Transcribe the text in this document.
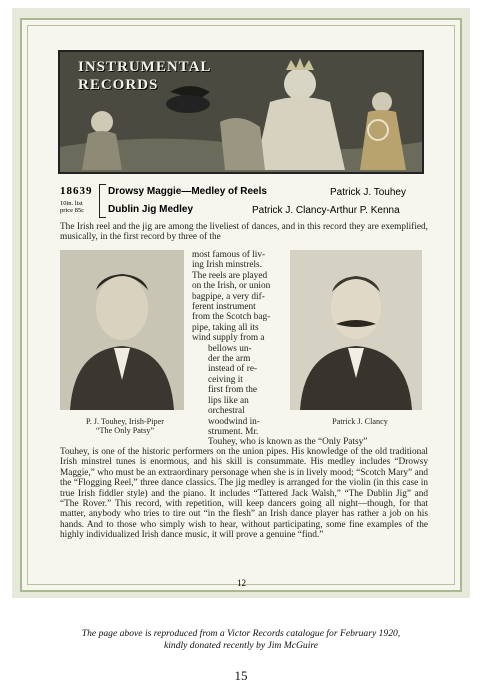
INSTRUMENTAL
RECORDS
18639
10in. list
price 85c
Drowsy Maggie—Medley of Reels	Patrick J. Touhey
Dublin Jig Medley	Patrick J. Clancy-Arthur P. Kenna
The Irish reel and the jig are among the liveliest of dances, and in this record they are exemplified, musically, in the first record by three of the
most famous of liv-
ing Irish minstrels.
The reels are played
on the Irish, or union
bagpipe, a very dif-
ferent instrument
from the Scotch bag-
pipe, taking all its
wind supply from a
bellows un-
der the arm
instead of re-
ceiving it
first from the
lips like an
orchestral
woodwind in-
strument. Mr.
Touhey, who is known as the “Only Patsy”
P. J. Touhey, Irish-Piper
“The Only Patsy”
Patrick J. Clancy
Touhey, is one of the historic performers on the union pipes. His knowledge of the old traditional Irish minstrel tunes is enormous, and his skill is consummate. His medley includes “Drowsy Maggie,” who must be an extraordinary personage when she is in lively mood; “Scotch Mary” and the “Flogging Reel,” three dance classics. The jig medley is arranged for the violin (in this case in true Irish fiddler style) and the piano. It includes “Tattered Jack Walsh,” “The Dublin Jig” and “The Rover.” This record, with repetition, will keep dancers going all night—though, for that matter, anybody who tries to tire out “in the flesh” an Irish dance player has rather a job on his hands. And to those who simply wish to hear, without participating, some fine examples of the highly individualized Irish dance music, it will prove a genuine “find.”
12
The page above is reproduced from a Victor Records catalogue for February 1920,
kindly donated recently by Jim McGuire
15
